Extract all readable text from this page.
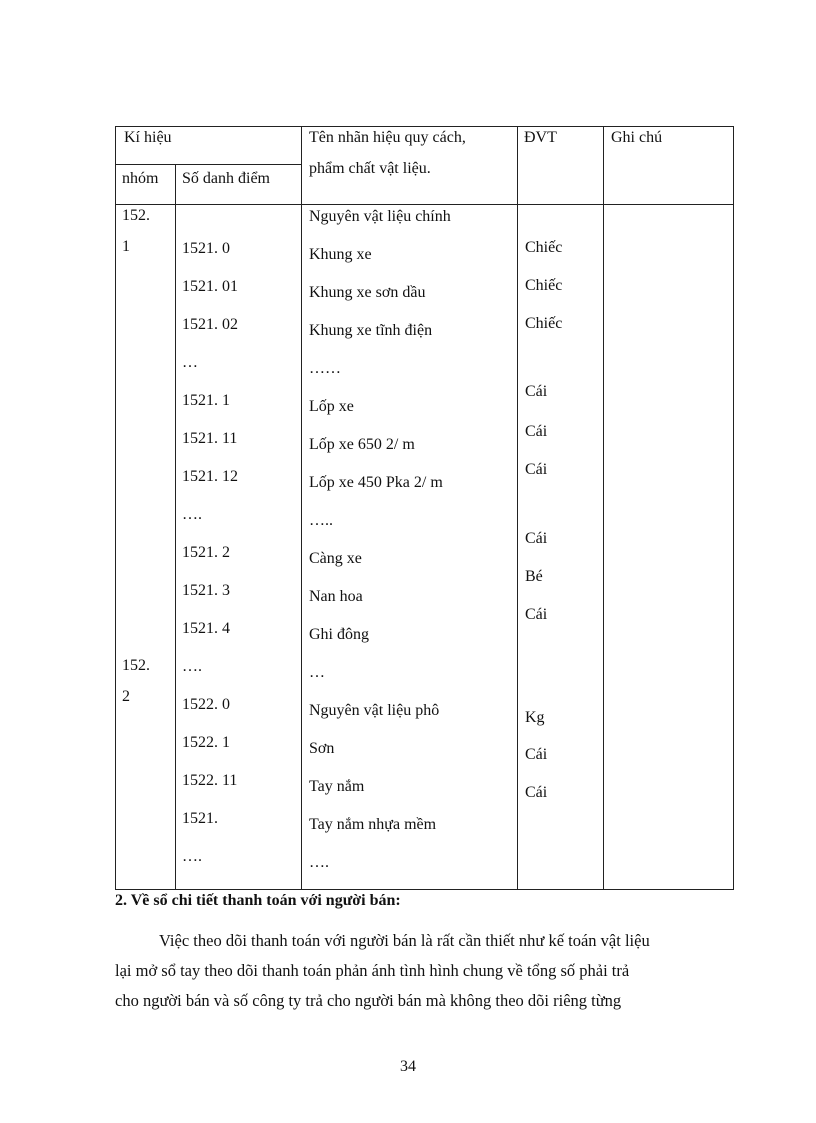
Kí hiệu
nhóm Số danh điểm
Tên nhãn hiệu quy cách,
phẩm chất vật liệu.
ĐVT	Ghi chú
152.
1
152.
2
1521. 0
1521. 01
1521. 02
…
1521. 1
1521. 11
1521. 12
….
1521. 2
1521. 3
1521. 4
….
1522. 0
1522. 1
1522. 11
1521.
….
Nguyên vật liệu chính
Khung xe
Khung xe sơn dầu
Khung xe tĩnh điện
……
Lốp xe
Lốp xe 650 2/ m
Lốp xe 450 Pka 2/ m
…..
Càng xe
Nan hoa
Ghi đông
…
Nguyên vật liệu phô
Sơn
Tay nắm
Tay nắm nhựa mềm
….
Chiếc
Chiếc
Chiếc
Cái
Cái
Cái
Cái
Bé
Cái
Kg
Cái
Cái
2. Về sổ chi tiết thanh toán với người bán:
Việc theo dõi thanh toán với người bán là rất cần thiết như kế toán vật liệu
lại mở sổ tay theo dõi thanh toán phản ánh tình hình chung về tổng số phải trả
cho người bán và số công ty trả cho người bán mà không theo dõi riêng từng
34
